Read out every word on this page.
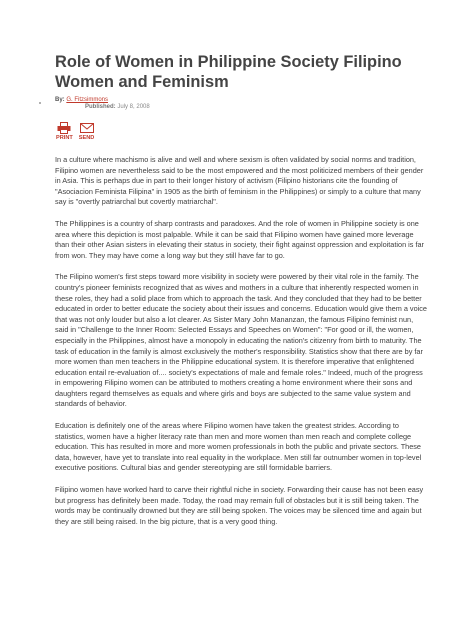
Role of Women in Philippine Society Filipino Women and Feminism
By: G. Fitzsimmons
Published: July 8, 2008
PRINT SEND

In a culture where machismo is alive and well and where sexism is often validated by social norms and tradition, Filipino women are nevertheless said to be the most empowered and the most politicized members of their gender in Asia. This is perhaps due in part to their longer history of activism (Filipino historians cite the founding of "Asociacion Feminista Filipina" in 1905 as the birth of feminism in the Philippines) or simply to a culture that many say is "overtly patriarchal but covertly matriarchal".

The Philippines is a country of sharp contrasts and paradoxes. And the role of women in Philippine society is one area where this depiction is most palpable. While it can be said that Filipino women have gained more leverage than their other Asian sisters in elevating their status in society, their fight against oppression and exploitation is far from won. They may have come a long way but they still have far to go.

The Filipino women's first steps toward more visibility in society were powered by their vital role in the family. The country's pioneer feminists recognized that as wives and mothers in a culture that inherently respected women in these roles, they had a solid place from which to approach the task. And they concluded that they had to be better educated in order to better educate the society about their issues and concerns. Education would give them a voice that was not only louder but also a lot clearer. As Sister Mary John Mananzan, the famous Filipino feminist nun, said in "Challenge to the Inner Room: Selected Essays and Speeches on Women": "For good or ill, the women, especially in the Philippines, almost have a monopoly in educating the nation's citizenry from birth to maturity. The task of education in the family is almost exclusively the mother's responsibility. Statistics show that there are by far more women than men teachers in the Philippine educational system. It is therefore imperative that enlightened education entail re-evaluation of.... society's expectations of male and female roles." Indeed, much of the progress in empowering Filipino women can be attributed to mothers creating a home environment where their sons and daughters regard themselves as equals and where girls and boys are subjected to the same value system and standards of behavior.

Education is definitely one of the areas where Filipino women have taken the greatest strides. According to statistics, women have a higher literacy rate than men and more women than men reach and complete college education. This has resulted in more and more women professionals in both the public and private sectors. These data, however, have yet to translate into real equality in the workplace. Men still far outnumber women in top-level executive positions. Cultural bias and gender stereotyping are still formidable barriers.

Filipino women have worked hard to carve their rightful niche in society. Forwarding their cause has not been easy but progress has definitely been made. Today, the road may remain full of obstacles but it is still being taken. The words may be continually drowned but they are still being spoken. The voices may be silenced time and again but they are still being raised. In the big picture, that is a very good thing.
